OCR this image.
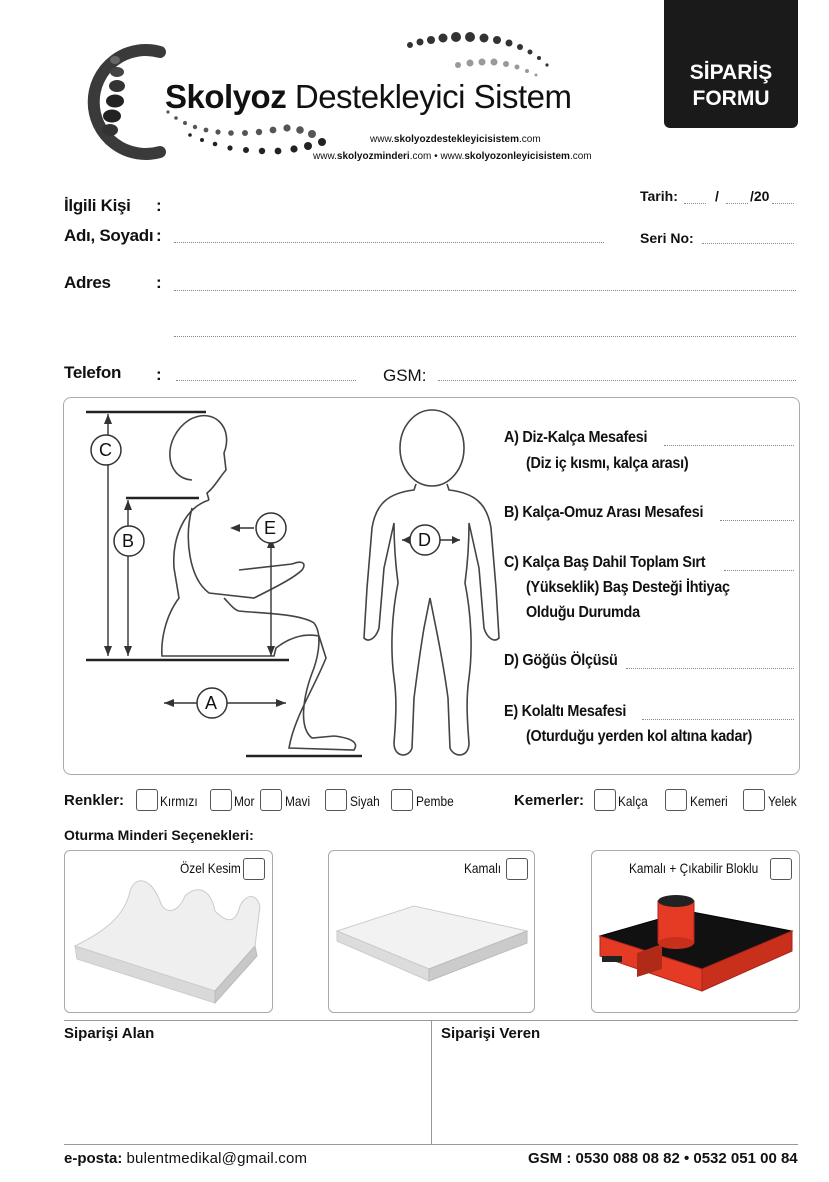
Skolyoz Destekleyici Sistem
www.skolyozdestekleyicisistem.com
www.skolyozminderi.com • www.skolyozonleyicisistem.com
SİPARİŞ
FORMU
İlgili Kişi :
Adı, Soyadı :
Tarih:	/ /20
Seri No:
Adres	:
Telefon :	GSM:
C
B
E
A
D
A) Diz-Kalça Mesafesi
(Diz iç kısmı, kalça arası)
B) Kalça-Omuz Arası Mesafesi
C) Kalça Baş Dahil Toplam Sırt
(Yükseklik) Baş Desteği İhtiyaç
Olduğu Durumda
D) Göğüs Ölçüsü
E) Kolaltı Mesafesi
(Oturduğu yerden kol altına kadar)
Renkler:	Kırmızı	Mor Mavi	Siyah	Pembe	Kemerler: Kalça	Kemeri	Yelek
Oturma Minderi Seçenekleri:
Özel Kesim	Kamalı	Kamalı + Çıkabilir Bloklu
Siparişi Alan	Siparişi Veren
e-posta: bulentmedikal@gmail.com	GSM : 0530 088 08 82 • 0532 051 00 84
